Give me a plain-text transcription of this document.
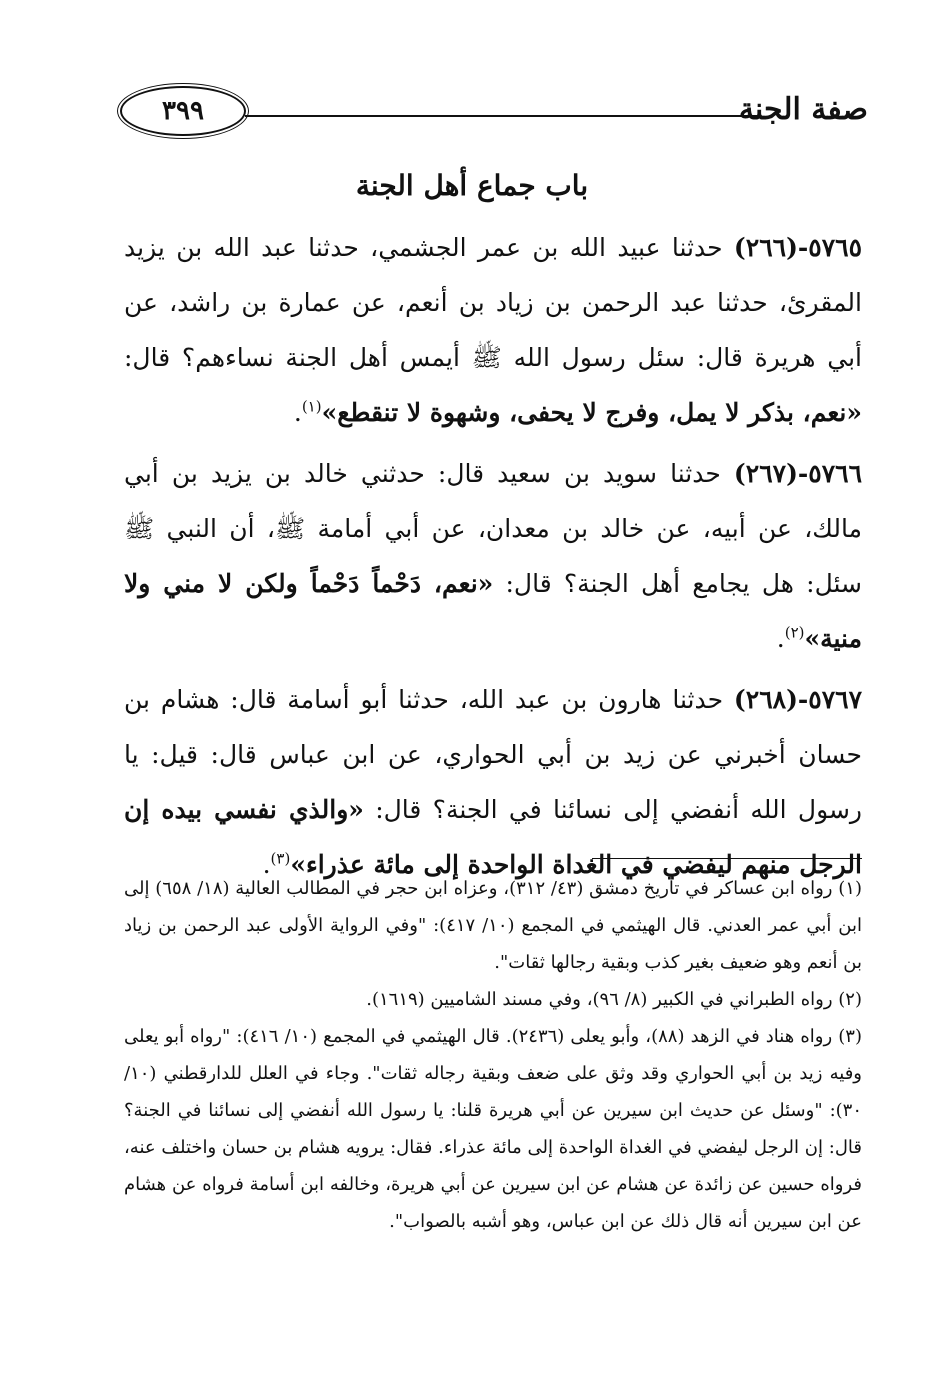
صفة الجنة
٣٩٩
باب جماع أهل الجنة

٥٧٦٥-(٢٦٦) حدثنا عبيد الله بن عمر الجشمي، حدثنا عبد الله بن يزيد المقرئ، حدثنا عبد الرحمن بن زياد بن أنعم، عن عمارة بن راشد، عن أبي هريرة قال: سئل رسول الله ﷺ أيمس أهل الجنة نساءهم؟ قال: «نعم، بذكر لا يمل، وفرج لا يحفى، وشهوة لا تنقطع»$^{(١)}$.

٥٧٦٦-(٢٦٧) حدثنا سويد بن سعيد قال: حدثني خالد بن يزيد بن أبي مالك، عن أبيه، عن خالد بن معدان، عن أبي أمامة ﷺ، أن النبي ﷺ سئل: هل يجامع أهل الجنة؟ قال: «نعم، دَحْماً دَحْماً ولكن لا مني ولا منية»$^{(٢)}$.

٥٧٦٧-(٢٦٨) حدثنا هارون بن عبد الله، حدثنا أبو أسامة قال: هشام بن حسان أخبرني عن زيد بن أبي الحواري، عن ابن عباس قال: قيل: يا رسول الله أنفضي إلى نسائنا في الجنة؟ قال: «والذي نفسي بيده إن الرجل منهم ليفضي في الغداة الواحدة إلى مائة عذراء»$^{(٣)}$.

(١) رواه ابن عساكر في تاريخ دمشق (٤٣/ ٣١٢)، وعزاه ابن حجر في المطالب العالية (١٨/ ٦٥٨) إلى ابن أبي عمر العدني. قال الهيثمي في المجمع (١٠/ ٤١٧): "وفي الرواية الأولى عبد الرحمن بن زياد بن أنعم وهو ضعيف بغير كذب وبقية رجالها ثقات".

(٢) رواه الطبراني في الكبير (٨/ ٩٦)، وفي مسند الشاميين (١٦١٩).

(٣) رواه هناد في الزهد (٨٨)، وأبو يعلى (٢٤٣٦). قال الهيثمي في المجمع (١٠/ ٤١٦): "رواه أبو يعلى وفيه زيد بن أبي الحواري وقد وثق على ضعف وبقية رجاله ثقات". وجاء في العلل للدارقطني (١٠/ ٣٠): "وسئل عن حديث ابن سيرين عن أبي هريرة قلنا: يا رسول الله أنفضي إلى نسائنا في الجنة؟ قال: إن الرجل ليفضي في الغداة الواحدة إلى مائة عذراء. فقال: يرويه هشام بن حسان واختلف عنه، فرواه حسين عن زائدة عن هشام عن ابن سيرين عن أبي هريرة، وخالفه ابن أسامة فرواه عن هشام عن ابن سيرين أنه قال ذلك عن ابن عباس، وهو أشبه بالصواب".
